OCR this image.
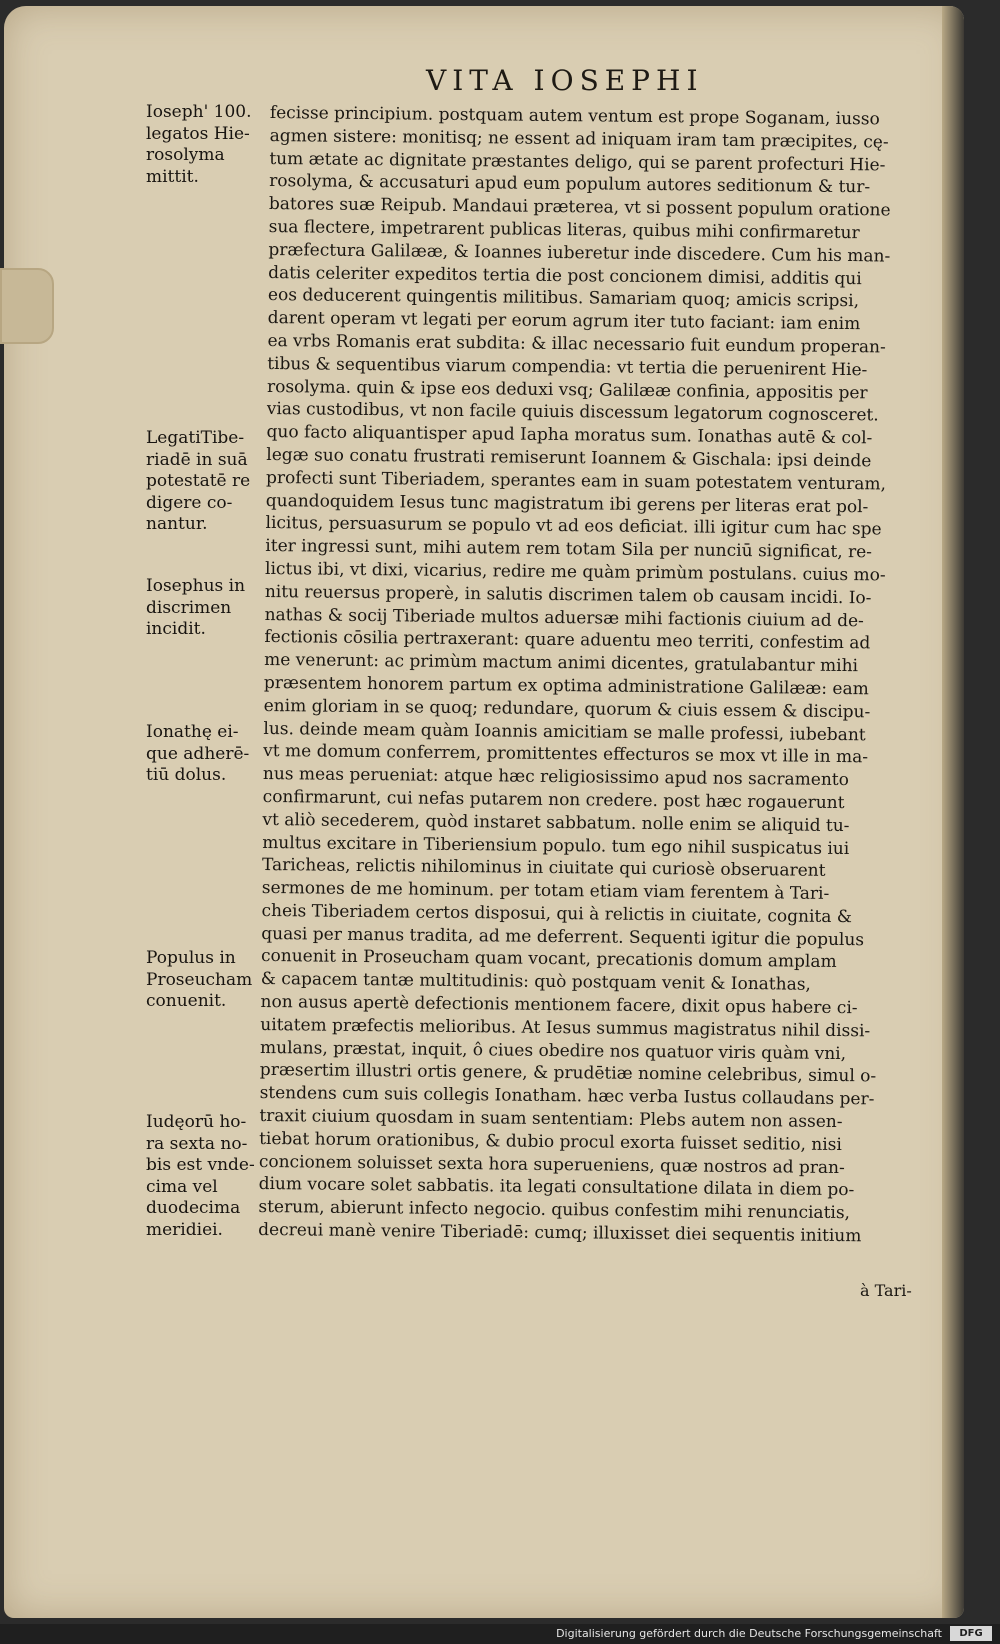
VITA IOSEPHI
Ioseph' 100.
legatos Hie-
rosolyma
mittit.
LegatiTibe-
riadē in suā
potestatē re
digere co-
nantur.
Iosephus in
discrimen
incidit.
Ionathę ei-
que adherē-
tiū dolus.
Populus in
Proseucham
conuenit.
Iudęorū ho-
ra sexta no-
bis est vnde-
cima vel
duodecima
meridiei.
fecisse principium. postquam autem ventum est prope Soganam, iusso
agmen sistere: monitisq; ne essent ad iniquam iram tam præcipites, cę-
tum ætate ac dignitate præstantes deligo, qui se parent profecturi Hie-
rosolyma, & accusaturi apud eum populum autores seditionum & tur-
batores suæ Reipub. Mandaui præterea, vt si possent populum oratione
sua flectere, impetrarent publicas literas, quibus mihi confirmaretur
præfectura Galilææ, & Ioannes iuberetur inde discedere. Cum his man-
datis celeriter expeditos tertia die post concionem dimisi, additis qui
eos deducerent quingentis militibus. Samariam quoq; amicis scripsi,
darent operam vt legati per eorum agrum iter tuto faciant: iam enim
ea vrbs Romanis erat subdita: & illac necessario fuit eundum properan-
tibus & sequentibus viarum compendia: vt tertia die peruenirent Hie-
rosolyma. quin & ipse eos deduxi vsq; Galilææ confinia, appositis per
vias custodibus, vt non facile quiuis discessum legatorum cognosceret.
quo facto aliquantisper apud Iapha moratus sum. Ionathas autē & col-
legæ suo conatu frustrati remiserunt Ioannem & Gischala: ipsi deinde
profecti sunt Tiberiadem, sperantes eam in suam potestatem venturam,
quandoquidem Iesus tunc magistratum ibi gerens per literas erat pol-
licitus, persuasurum se populo vt ad eos deficiat. illi igitur cum hac spe
iter ingressi sunt, mihi autem rem totam Sila per nunciū significat, re-
lictus ibi, vt dixi, vicarius, redire me quàm primùm postulans. cuius mo-
nitu reuersus properè, in salutis discrimen talem ob causam incidi. Io-
nathas & socij Tiberiade multos aduersæ mihi factionis ciuium ad de-
fectionis cōsilia pertraxerant: quare aduentu meo territi, confestim ad
me venerunt: ac primùm mactum animi dicentes, gratulabantur mihi
præsentem honorem partum ex optima administratione Galilææ: eam
enim gloriam in se quoq; redundare, quorum & ciuis essem & discipu-
lus. deinde meam quàm Ioannis amicitiam se malle professi, iubebant
vt me domum conferrem, promittentes effecturos se mox vt ille in ma-
nus meas perueniat: atque hæc religiosissimo apud nos sacramento
confirmarunt, cui nefas putarem non credere. post hæc rogauerunt
vt aliò secederem, quòd instaret sabbatum. nolle enim se aliquid tu-
multus excitare in Tiberiensium populo. tum ego nihil suspicatus iui
Taricheas, relictis nihilominus in ciuitate qui curiosè obseruarent
sermones de me hominum. per totam etiam viam ferentem à Tari-
cheis Tiberiadem certos disposui, qui à relictis in ciuitate, cognita &
quasi per manus tradita, ad me deferrent. Sequenti igitur die populus
conuenit in Proseucham quam vocant, precationis domum amplam
& capacem tantæ multitudinis: quò postquam venit & Ionathas,
non ausus apertè defectionis mentionem facere, dixit opus habere ci-
uitatem præfectis melioribus. At Iesus summus magistratus nihil dissi-
mulans, præstat, inquit, ô ciues obedire nos quatuor viris quàm vni,
præsertim illustri ortis genere, & prudētiæ nomine celebribus, simul o-
stendens cum suis collegis Ionatham. hæc verba Iustus collaudans per-
traxit ciuium quosdam in suam sententiam: Plebs autem non assen-
tiebat horum orationibus, & dubio procul exorta fuisset seditio, nisi
concionem soluisset sexta hora superueniens, quæ nostros ad pran-
dium vocare solet sabbatis. ita legati consultatione dilata in diem po-
sterum, abierunt infecto negocio. quibus confestim mihi renunciatis,
decreui manè venire Tiberiadē: cumq; illuxisset diei sequentis initium
à Tari-
Digitalisierung gefördert durch die Deutsche Forschungsgemeinschaft	DFG
